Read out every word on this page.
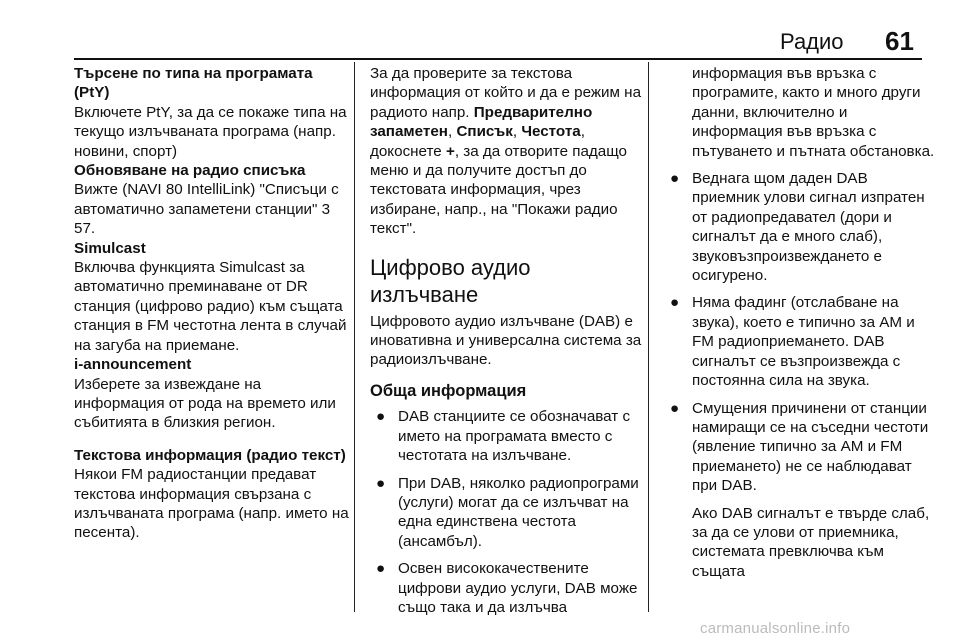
Радио 61
Търсене по типа на програмата (PtY)
Включете PtY, за да се покаже типа на текущо излъчваната програма (напр. новини, спорт)
Обновяване на радио списъка
Вижте (NAVI 80 IntelliLink) "Списъци с автоматично запаметени станции" 3 57.
Simulcast
Включва функцията Simulcast за автоматично преминаване от DR станция (цифрово радио) към същата станция в FM честотна лента в случай на загуба на приемане.
i-announcement
Изберете за извеждане на информация от рода на времето или събитията в близкия регион.
Текстова информация (радио текст)
Някои FM радиостанции предават текстова информация свързана с излъчваната програма (напр. името на песента).
За да проверите за текстова информация от който и да е режим на радиото напр. Предварително запаметен, Списък, Честота, докоснете +, за да отворите падащо меню и да получите достъп до текстовата информация, чрез избиране, напр., на "Покажи радио текст".
Цифрово аудио излъчване
Цифровото аудио излъчване (DAB) е иновативна и универсална система за радиоизлъчване.
Обща информация
● DAB станциите се обозначават с името на програмата вместо с честотата на излъчване.
● При DAB, няколко радиопрограми (услуги) могат да се излъчват на една единствена честота (ансамбъл).
● Освен висококачествените цифрови аудио услуги, DAB може също така и да излъчва
информация във връзка с програмите, както и много други данни, включително и информация във връзка с пътуването и пътната обстановка.
● Веднага щом даден DAB приемник улови сигнал изпратен от радиопредавател (дори и сигналът да е много слаб), звуковъзпроизвеждането е осигурено.
● Няма фадинг (отслабване на звука), което е типично за AM и FM радиоприемането. DAB сигналът се възпроизвежда с постоянна сила на звука.
● Смущения причинени от станции намиращи се на съседни честоти (явление типично за AM и FM приемането) не се наблюдават при DAB.
Ако DAB сигналът е твърде слаб, за да се улови от приемника, системата превключва към същата
carmanualsonline.info
